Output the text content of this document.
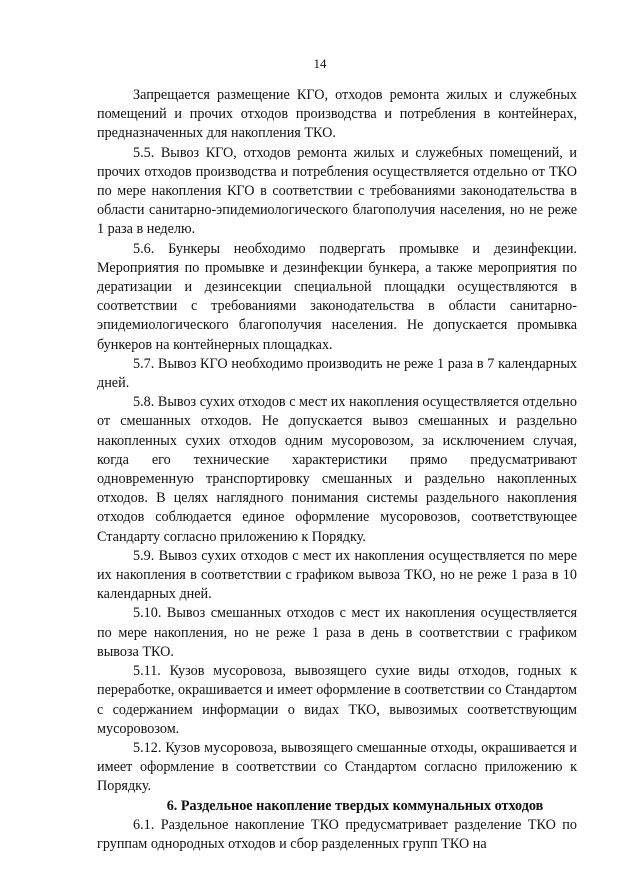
14

Запрещается размещение КГО, отходов ремонта жилых и служебных помещений и прочих отходов производства и потребления в контейнерах, предназначенных для накопления ТКО.

5.5. Вывоз КГО, отходов ремонта жилых и служебных помещений, и прочих отходов производства и потребления осуществляется отдельно от ТКО по мере накопления КГО в соответствии с требованиями законодательства в области санитарно-эпидемиологического благополучия населения, но не реже 1 раза в неделю.

5.6. Бункеры необходимо подвергать промывке и дезинфекции. Мероприятия по промывке и дезинфекции бункера, а также мероприятия по дератизации и дезинсекции специальной площадки осуществляются в соответствии с требованиями законодательства в области санитарно-эпидемиологического благополучия населения. Не допускается промывка бункеров на контейнерных площадках.

5.7. Вывоз КГО необходимо производить не реже 1 раза в 7 календарных дней.

5.8. Вывоз сухих отходов с мест их накопления осуществляется отдельно от смешанных отходов. Не допускается вывоз смешанных и раздельно накопленных сухих отходов одним мусоровозом, за исключением случая, когда его технические характеристики прямо предусматривают одновременную транспортировку смешанных и раздельно накопленных отходов. В целях наглядного понимания системы раздельного накопления отходов соблюдается единое оформление мусоровозов, соответствующее Стандарту согласно приложению к Порядку.

5.9. Вывоз сухих отходов с мест их накопления осуществляется по мере их накопления в соответствии с графиком вывоза ТКО, но не реже 1 раза в 10 календарных дней.

5.10. Вывоз смешанных отходов с мест их накопления осуществляется по мере накопления, но не реже 1 раза в день в соответствии с графиком вывоза ТКО.

5.11. Кузов мусоровоза, вывозящего сухие виды отходов, годных к переработке, окрашивается и имеет оформление в соответствии со Стандартом с содержанием информации о видах ТКО, вывозимых соответствующим мусоровозом.

5.12. Кузов мусоровоза, вывозящего смешанные отходы, окрашивается и имеет оформление в соответствии со Стандартом согласно приложению к Порядку.

6. Раздельное накопление твердых коммунальных отходов

6.1. Раздельное накопление ТКО предусматривает разделение ТКО по группам однородных отходов и сбор разделенных групп ТКО на
